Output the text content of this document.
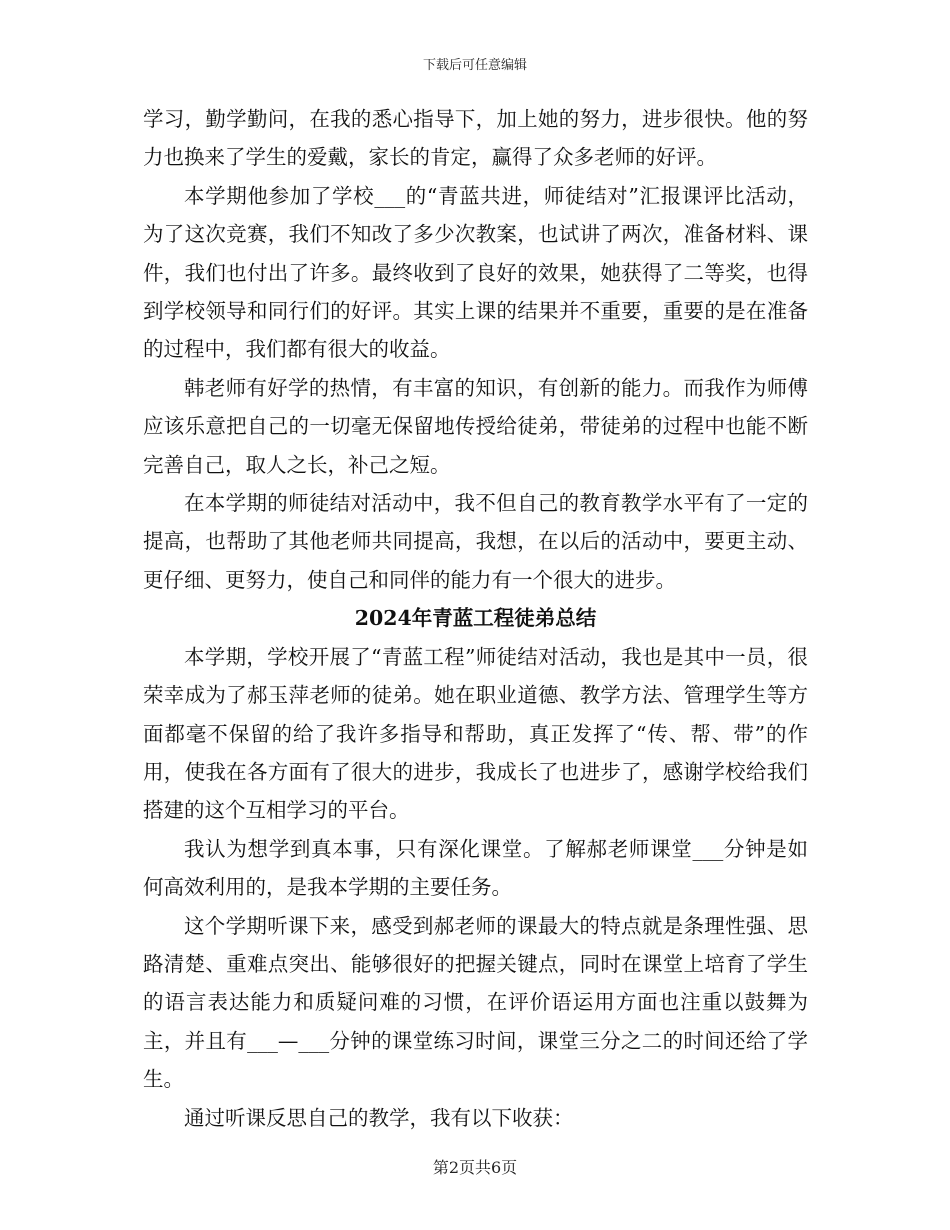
下载后可任意编辑

学习，勤学勤问，在我的悉心指导下，加上她的努力，进步很快。他的努力也换来了学生的爱戴，家长的肯定，赢得了众多老师的好评。

本学期他参加了学校___的“青蓝共进，师徒结对”汇报课评比活动，为了这次竞赛，我们不知改了多少次教案，也试讲了两次，准备材料、课件，我们也付出了许多。最终收到了良好的效果，她获得了二等奖，也得到学校领导和同行们的好评。其实上课的结果并不重要，重要的是在准备的过程中，我们都有很大的收益。

韩老师有好学的热情，有丰富的知识，有创新的能力。而我作为师傅应该乐意把自己的一切毫无保留地传授给徒弟，带徒弟的过程中也能不断完善自己，取人之长，补己之短。

在本学期的师徒结对活动中，我不但自己的教育教学水平有了一定的提高，也帮助了其他老师共同提高，我想，在以后的活动中，要更主动、更仔细、更努力，使自己和同伴的能力有一个很大的进步。

2024年青蓝工程徒弟总结

本学期，学校开展了“青蓝工程”师徒结对活动，我也是其中一员，很荣幸成为了郝玉萍老师的徒弟。她在职业道德、教学方法、管理学生等方面都毫不保留的给了我许多指导和帮助，真正发挥了“传、帮、带”的作用，使我在各方面有了很大的进步，我成长了也进步了，感谢学校给我们搭建的这个互相学习的平台。

我认为想学到真本事，只有深化课堂。了解郝老师课堂___分钟是如何高效利用的，是我本学期的主要任务。

这个学期听课下来，感受到郝老师的课最大的特点就是条理性强、思路清楚、重难点突出、能够很好的把握关键点，同时在课堂上培育了学生的语言表达能力和质疑问难的习惯，在评价语运用方面也注重以鼓舞为主，并且有___—___分钟的课堂练习时间，课堂三分之二的时间还给了学生。

通过听课反思自己的教学，我有以下收获：

第2页共6页
